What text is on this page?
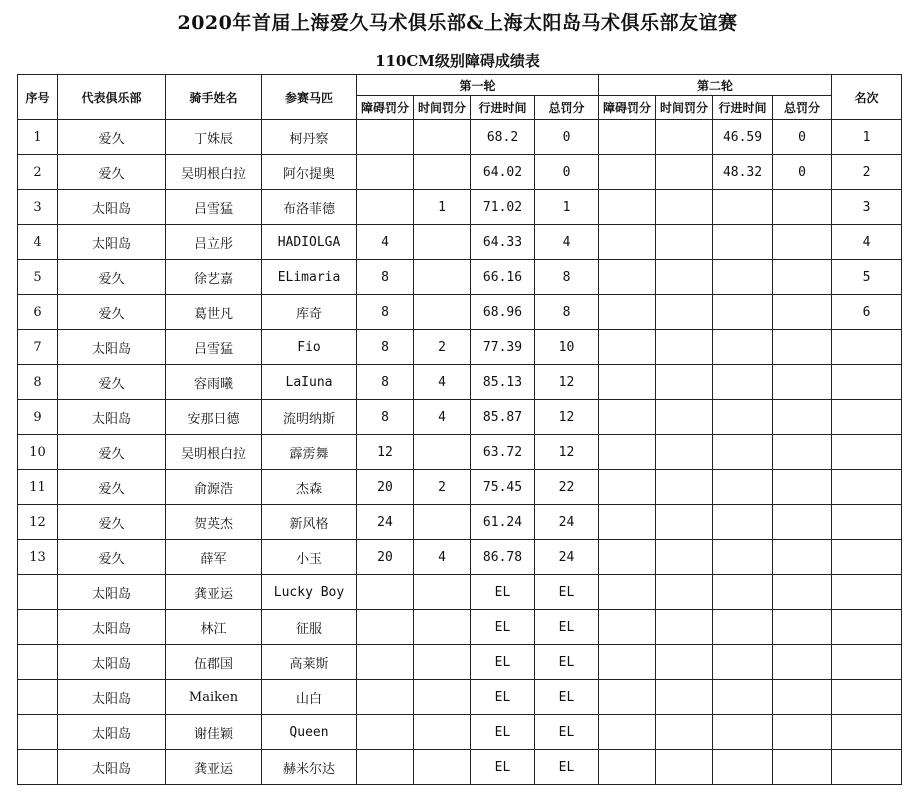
2020年首届上海爱久马术俱乐部&上海太阳岛马术俱乐部友谊赛
110CM级别障碍成绩表
序号	代表俱乐部	骑手姓名	参赛马匹	第一轮				第二轮				名次
				障碍罚分	时间罚分	行进时间	总罚分	障碍罚分	时间罚分	行进时间	总罚分	
1	爱久	丁姝辰	柯丹察			68.2	0			46.59	0	1
2	爱久	吴明根白拉	阿尔提奥			64.02	0			48.32	0	2
3	太阳岛	吕雪猛	布洛菲德		1	71.02	1					3
4	太阳岛	吕立彤	HADIOLGA	4		64.33	4					4
5	爱久	徐艺嘉	ELimaria	8		66.16	8					5
6	爱久	葛世凡	库奇	8		68.96	8					6
7	太阳岛	吕雪猛	Fio	8	2	77.39	10					
8	爱久	容雨曦	LaIuna	8	4	85.13	12					
9	太阳岛	安那日德	流明纳斯	8	4	85.87	12					
10	爱久	吴明根白拉	霹雳舞	12		63.72	12					
11	爱久	俞源浩	杰森	20	2	75.45	22					
12	爱久	贺英杰	新风格	24		61.24	24					
13	爱久	薛军	小玉	20	4	86.78	24					
	太阳岛	龚亚运	Lucky Boy			EL	EL					
	太阳岛	林江	征服			EL	EL					
	太阳岛	伍郡国	高莱斯			EL	EL					
	太阳岛	Maiken	山白			EL	EL					
	太阳岛	谢佳颖	Queen			EL	EL					
	太阳岛	龚亚运	赫米尔达			EL	EL					
